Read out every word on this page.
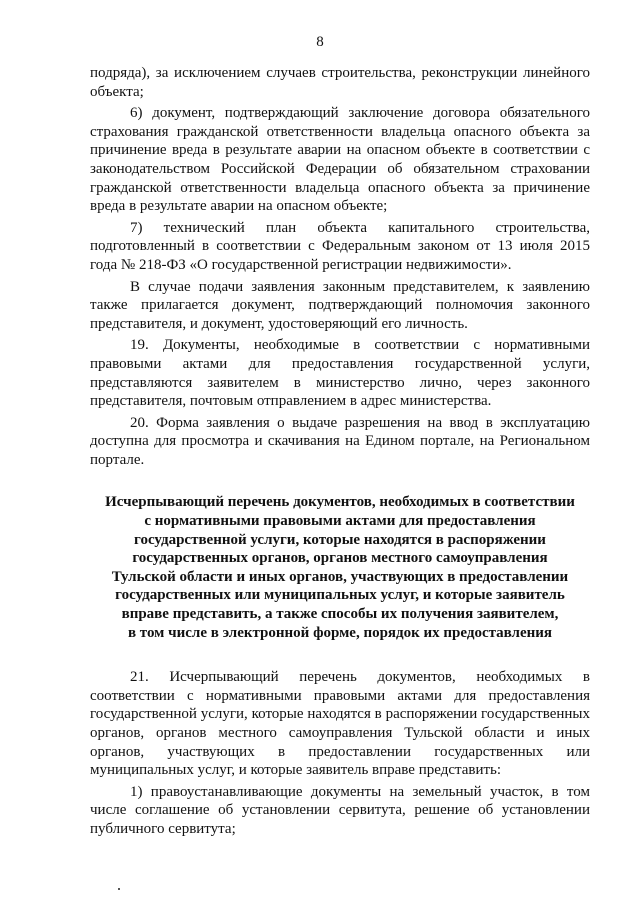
8

подряда), за исключением случаев строительства, реконструкции линейного объекта;

6) документ, подтверждающий заключение договора обязательного страхования гражданской ответственности владельца опасного объекта за причинение вреда в результате аварии на опасном объекте в соответствии с законодательством Российской Федерации об обязательном страховании гражданской ответственности владельца опасного объекта за причинение вреда в результате аварии на опасном объекте;

7) технический план объекта капитального строительства, подготовленный в соответствии с Федеральным законом от 13 июля 2015 года № 218-ФЗ «О государственной регистрации недвижимости».

В случае подачи заявления законным представителем, к заявлению также прилагается документ, подтверждающий полномочия законного представителя, и документ, удостоверяющий его личность.

19. Документы, необходимые в соответствии с нормативными правовыми актами для предоставления государственной услуги, представляются заявителем в министерство лично, через законного представителя, почтовым отправлением в адрес министерства.

20. Форма заявления о выдаче разрешения на ввод в эксплуатацию доступна для просмотра и скачивания на Едином портале, на Региональном портале.

Исчерпывающий перечень документов, необходимых в соответствии
с нормативными правовыми актами для предоставления
государственной услуги, которые находятся в распоряжении
государственных органов, органов местного самоуправления
Тульской области и иных органов, участвующих в предоставлении
государственных или муниципальных услуг, и которые заявитель
вправе представить, а также способы их получения заявителем,
в том числе в электронной форме, порядок их предоставления

21. Исчерпывающий перечень документов, необходимых в соответствии с нормативными правовыми актами для предоставления государственной услуги, которые находятся в распоряжении государственных органов, органов местного самоуправления Тульской области и иных органов, участвующих в предоставлении государственных или муниципальных услуг, и которые заявитель вправе представить:

1) правоустанавливающие документы на земельный участок, в том числе соглашение об установлении сервитута, решение об установлении публичного сервитута;
